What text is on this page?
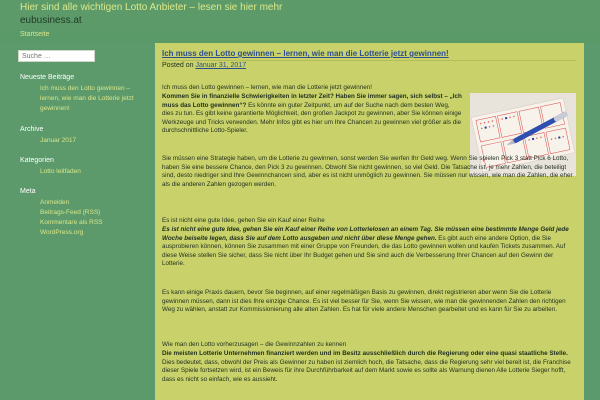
Hier sind alle wichtigen Lotto Anbieter – lesen sie hier mehr
eubusiness.at
Startseite
Suche …
Neueste Beiträge
Ich muss den Lotto gewinnen –
lernen, wie man die Lotterie jetzt
gewinnen!
Archive
Januar 2017
Kategorien
Lotto leitfaden
Meta
Anmelden
Beitrags-Feed (RSS)
Kommentare als RSS
WordPress.org
Ich muss den Lotto gewinnen – lernen, wie man die Lotterie jetzt gewinnen!
Posted on Januar 31, 2017
Ich muss den Lotto gewinnen – lernen, wie man die Lotterie jetzt gewinnen!
Kommen Sie in finanzielle Schwierigkeiten in letzter Zeit? Haben Sie immer sagen, sich selbst – „Ich muss das Lotto gewinnen“? Es könnte ein guter Zeitpunkt, um auf der Suche nach dem besten Weg, dies zu tun. Es gibt keine garantierte Möglichkeit, den großen Jackpot zu gewinnen, aber Sie können einige Werkzeuge und Tricks verwenden. Mehr Infos gibt es hier um Ihre Chancen zu gewinnen viel größer als die durchschnittliche Lotto-Spieler.
Sie müssen eine Strategie haben, um die Lotterie zu gewinnen, sonst werden Sie werfen Ihr Geld weg. Wenn Sie spielen Pick 3 statt Pick 6 Lotto, haben Sie eine bessere Chance, den Pick 3 zu gewinnen. Obwohl Sie nicht gewinnen, so viel Geld. Die Tatsache ist, je mehr Zahlen, die beteiligt sind, desto niedriger sind Ihre Gewinnchancen sind, aber es ist nicht unmöglich zu gewinnen. Sie müssen nur wissen, wie man die Zahlen, die eher als die anderen Zahlen gezogen werden.
Es ist nicht eine gute Idee, gehen Sie ein Kauf einer Reihe
Es ist nicht eine gute Idee, gehen Sie ein Kauf einer Reihe von Lotterielosen an einem Tag. Sie müssen eine bestimmte Menge Geld jede Woche beiseite legen, dass Sie auf dem Lotto ausgeben und nicht über diese Menge gehen. Es gibt auch eine andere Option, die Sie ausprobieren können, können Sie zusammen mit einer Gruppe von Freunden, die das Lotto gewinnen wollen und kaufen Tickets zusammen. Auf diese Weise stellen Sie sicher, dass Sie nicht über Ihr Budget gehen und Sie sind auch die Verbesserung Ihrer Chancen auf den Gewinn der Lotterie.
Es kann einige Praxis dauern, bevor Sie beginnen, auf einer regelmäßigen Basis zu gewinnen, direkt registrieren aber wenn Sie die Lotterie gewinnen müssen, dann ist dies Ihre einzige Chance. Es ist viel besser für Sie, wenn Sie wissen, wie man die gewinnenden Zahlen den richtigen Weg zu wählen, anstatt zur Kommissionierung alle alten Zahlen. Es hat für viele andere Menschen gearbeitet und es kann für Sie zu arbeiten.
Wie man den Lotto vorherzusagen – die Gewinnzahlen zu kennen
Die meisten Lotterie Unternehmen finanziert werden und im Besitz ausschließlich durch die Regierung oder eine quasi staatliche Stelle. Dies bedeutet, dass, obwohl der Preis als Gewinner zu haben ist ziemlich hoch, die Tatsache, dass die Regierung sehr viel bereit ist, die Franchise dieser Spiele fortsetzen wird, ist ein Beweis für ihre Durchführbarkeit auf dem Markt sowie es sollte als Warnung dienen Alle Lotterie Sieger hofft, dass es nicht so einfach, wie es aussieht.
